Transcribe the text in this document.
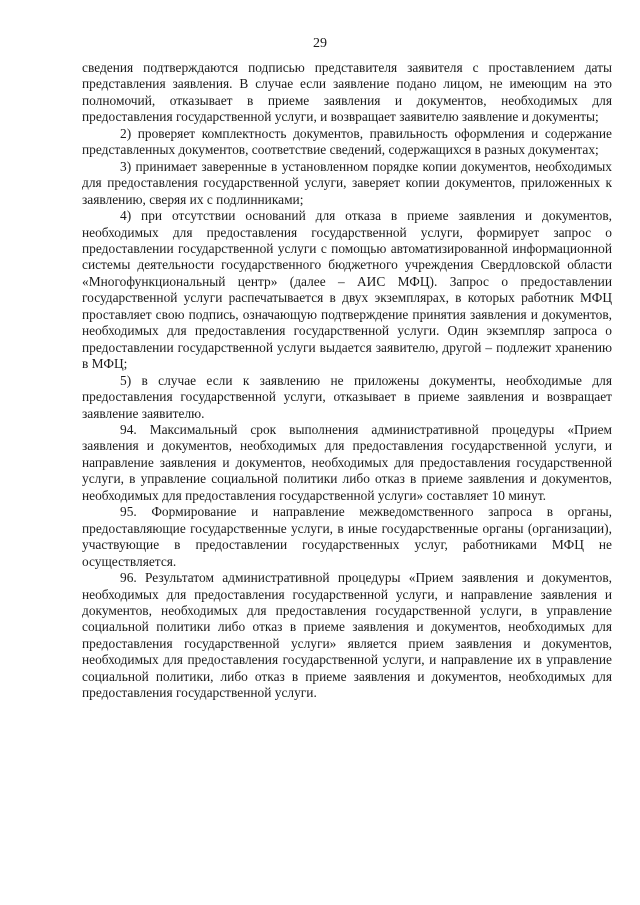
29

сведения подтверждаются подписью представителя заявителя с проставлением даты представления заявления. В случае если заявление подано лицом, не имеющим на это полномочий, отказывает в приеме заявления и документов, необходимых для предоставления государственной услуги, и возвращает заявителю заявление и документы;

2) проверяет комплектность документов, правильность оформления и содержание представленных документов, соответствие сведений, содержащихся в разных документах;

3) принимает заверенные в установленном порядке копии документов, необходимых для предоставления государственной услуги, заверяет копии документов, приложенных к заявлению, сверяя их с подлинниками;

4) при отсутствии оснований для отказа в приеме заявления и документов, необходимых для предоставления государственной услуги, формирует запрос о предоставлении государственной услуги с помощью автоматизированной информационной системы деятельности государственного бюджетного учреждения Свердловской области «Многофункциональный центр» (далее – АИС МФЦ). Запрос о предоставлении государственной услуги распечатывается в двух экземплярах, в которых работник МФЦ проставляет свою подпись, означающую подтверждение принятия заявления и документов, необходимых для предоставления государственной услуги. Один экземпляр запроса о предоставлении государственной услуги выдается заявителю, другой – подлежит хранению в МФЦ;

5) в случае если к заявлению не приложены документы, необходимые для предоставления государственной услуги, отказывает в приеме заявления и возвращает заявление заявителю.

94. Максимальный срок выполнения административной процедуры «Прием заявления и документов, необходимых для предоставления государственной услуги, и направление заявления и документов, необходимых для предоставления государственной услуги, в управление социальной политики либо отказ в приеме заявления и документов, необходимых для предоставления государственной услуги» составляет 10 минут.

95. Формирование и направление межведомственного запроса в органы, предоставляющие государственные услуги, в иные государственные органы (организации), участвующие в предоставлении государственных услуг, работниками МФЦ не осуществляется.

96. Результатом административной процедуры «Прием заявления и документов, необходимых для предоставления государственной услуги, и направление заявления и документов, необходимых для предоставления государственной услуги, в управление социальной политики либо отказ в приеме заявления и документов, необходимых для предоставления государственной услуги» является прием заявления и документов, необходимых для предоставления государственной услуги, и направление их в управление социальной политики, либо отказ в приеме заявления и документов, необходимых для предоставления государственной услуги.
